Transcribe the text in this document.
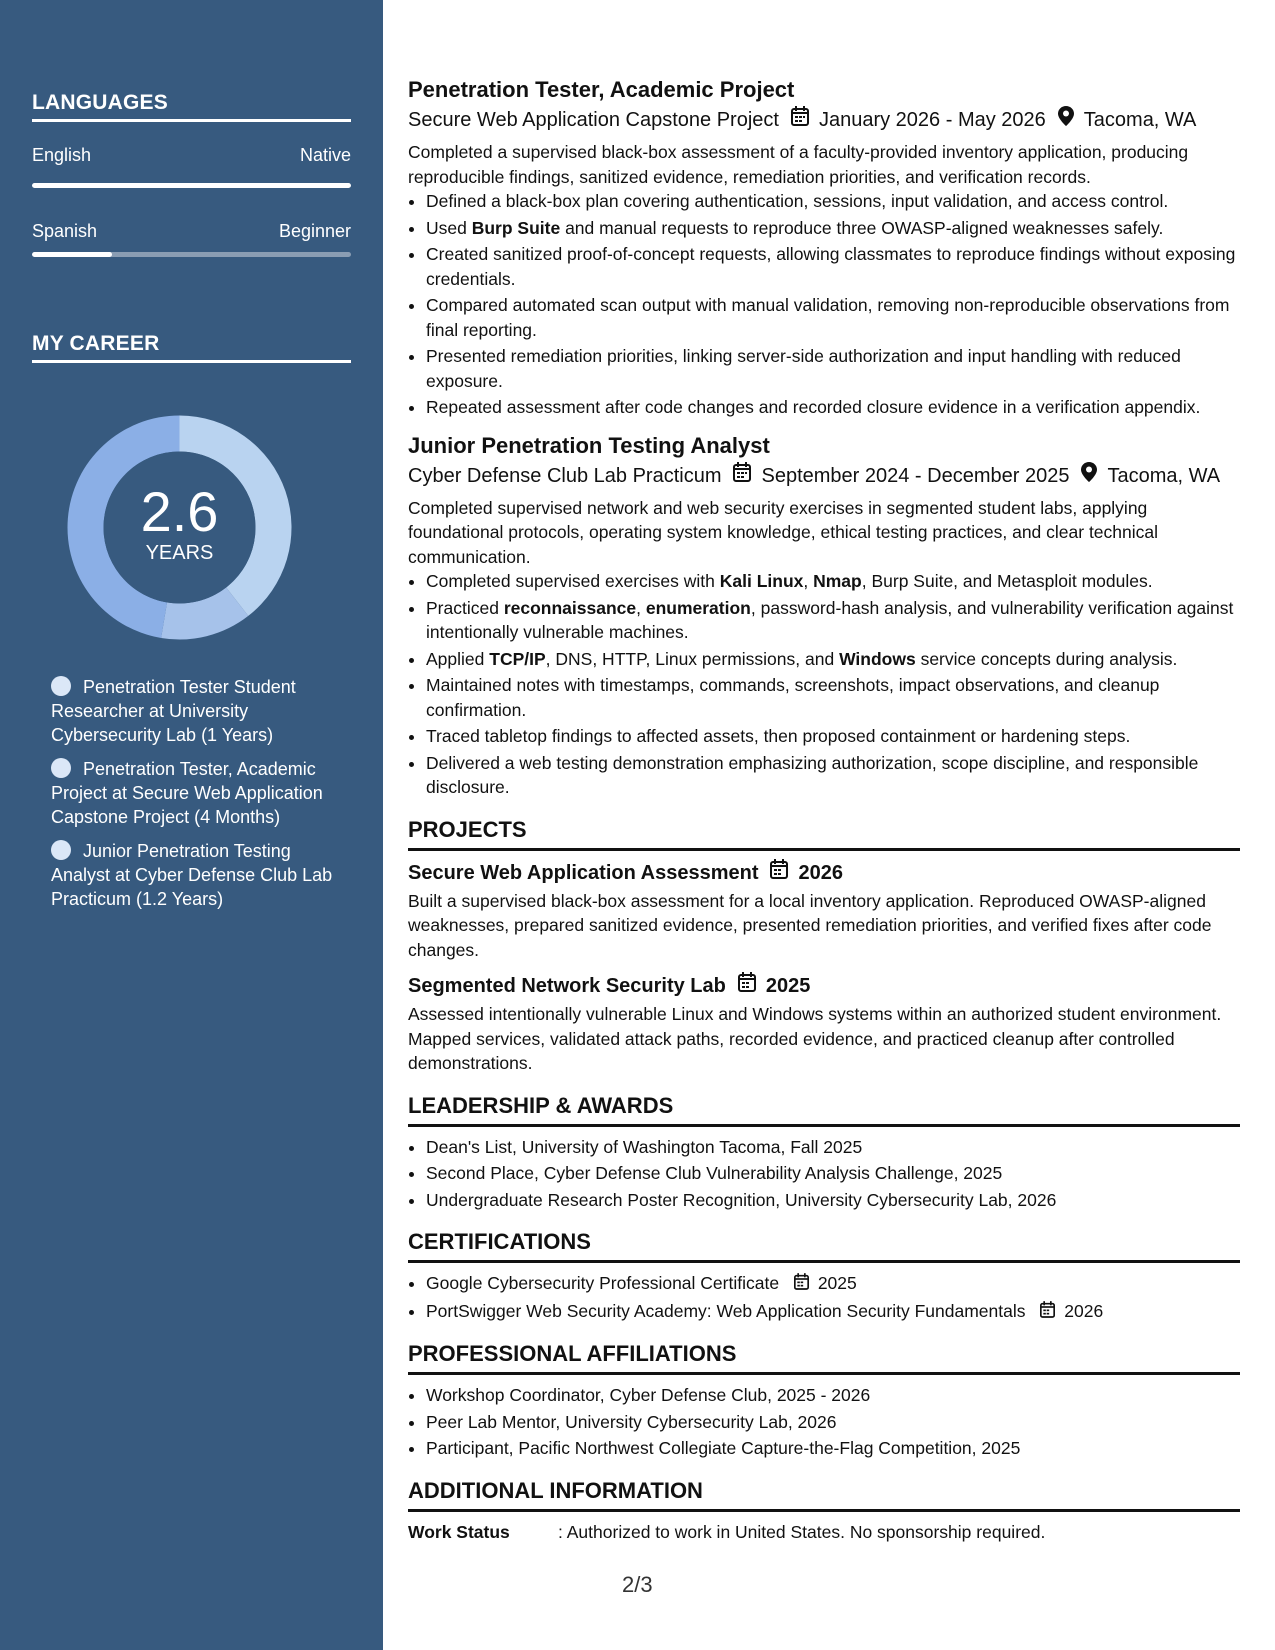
LANGUAGES
English	Native
Spanish	Beginner
MY CAREER
2.6
YEARS
Penetration Tester Student Researcher at University Cybersecurity Lab (1 Years)
Penetration Tester, Academic Project at Secure Web Application Capstone Project (4 Months)
Junior Penetration Testing Analyst at Cyber Defense Club Lab Practicum (1.2 Years)
Penetration Tester, Academic Project
Secure Web Application Capstone Project January 2026 - May 2026 Tacoma, WA
Completed a supervised black-box assessment of a faculty-provided inventory application, producing reproducible findings, sanitized evidence, remediation priorities, and verification records.
• Defined a black-box plan covering authentication, sessions, input validation, and access control.
• Used Burp Suite and manual requests to reproduce three OWASP-aligned weaknesses safely.
• Created sanitized proof-of-concept requests, allowing classmates to reproduce findings without exposing credentials.
• Compared automated scan output with manual validation, removing non-reproducible observations from final reporting.
• Presented remediation priorities, linking server-side authorization and input handling with reduced exposure.
• Repeated assessment after code changes and recorded closure evidence in a verification appendix.
Junior Penetration Testing Analyst
Cyber Defense Club Lab Practicum September 2024 - December 2025 Tacoma, WA
Completed supervised network and web security exercises in segmented student labs, applying foundational protocols, operating system knowledge, ethical testing practices, and clear technical communication.
• Completed supervised exercises with Kali Linux, Nmap, Burp Suite, and Metasploit modules.
• Practiced reconnaissance, enumeration, password-hash analysis, and vulnerability verification against intentionally vulnerable machines.
• Applied TCP/IP, DNS, HTTP, Linux permissions, and Windows service concepts during analysis.
• Maintained notes with timestamps, commands, screenshots, impact observations, and cleanup confirmation.
• Traced tabletop findings to affected assets, then proposed containment or hardening steps.
• Delivered a web testing demonstration emphasizing authorization, scope discipline, and responsible disclosure.
PROJECTS
Secure Web Application Assessment 2026
Built a supervised black-box assessment for a local inventory application. Reproduced OWASP-aligned weaknesses, prepared sanitized evidence, presented remediation priorities, and verified fixes after code changes.
Segmented Network Security Lab 2025
Assessed intentionally vulnerable Linux and Windows systems within an authorized student environment. Mapped services, validated attack paths, recorded evidence, and practiced cleanup after controlled demonstrations.
LEADERSHIP & AWARDS
• Dean's List, University of Washington Tacoma, Fall 2025
• Second Place, Cyber Defense Club Vulnerability Analysis Challenge, 2025
• Undergraduate Research Poster Recognition, University Cybersecurity Lab, 2026
CERTIFICATIONS
• Google Cybersecurity Professional Certificate 2025
• PortSwigger Web Security Academy: Web Application Security Fundamentals 2026
PROFESSIONAL AFFILIATIONS
• Workshop Coordinator, Cyber Defense Club, 2025 - 2026
• Peer Lab Mentor, University Cybersecurity Lab, 2026
• Participant, Pacific Northwest Collegiate Capture-the-Flag Competition, 2025
ADDITIONAL INFORMATION
Work Status	: Authorized to work in United States. No sponsorship required.
2/3
